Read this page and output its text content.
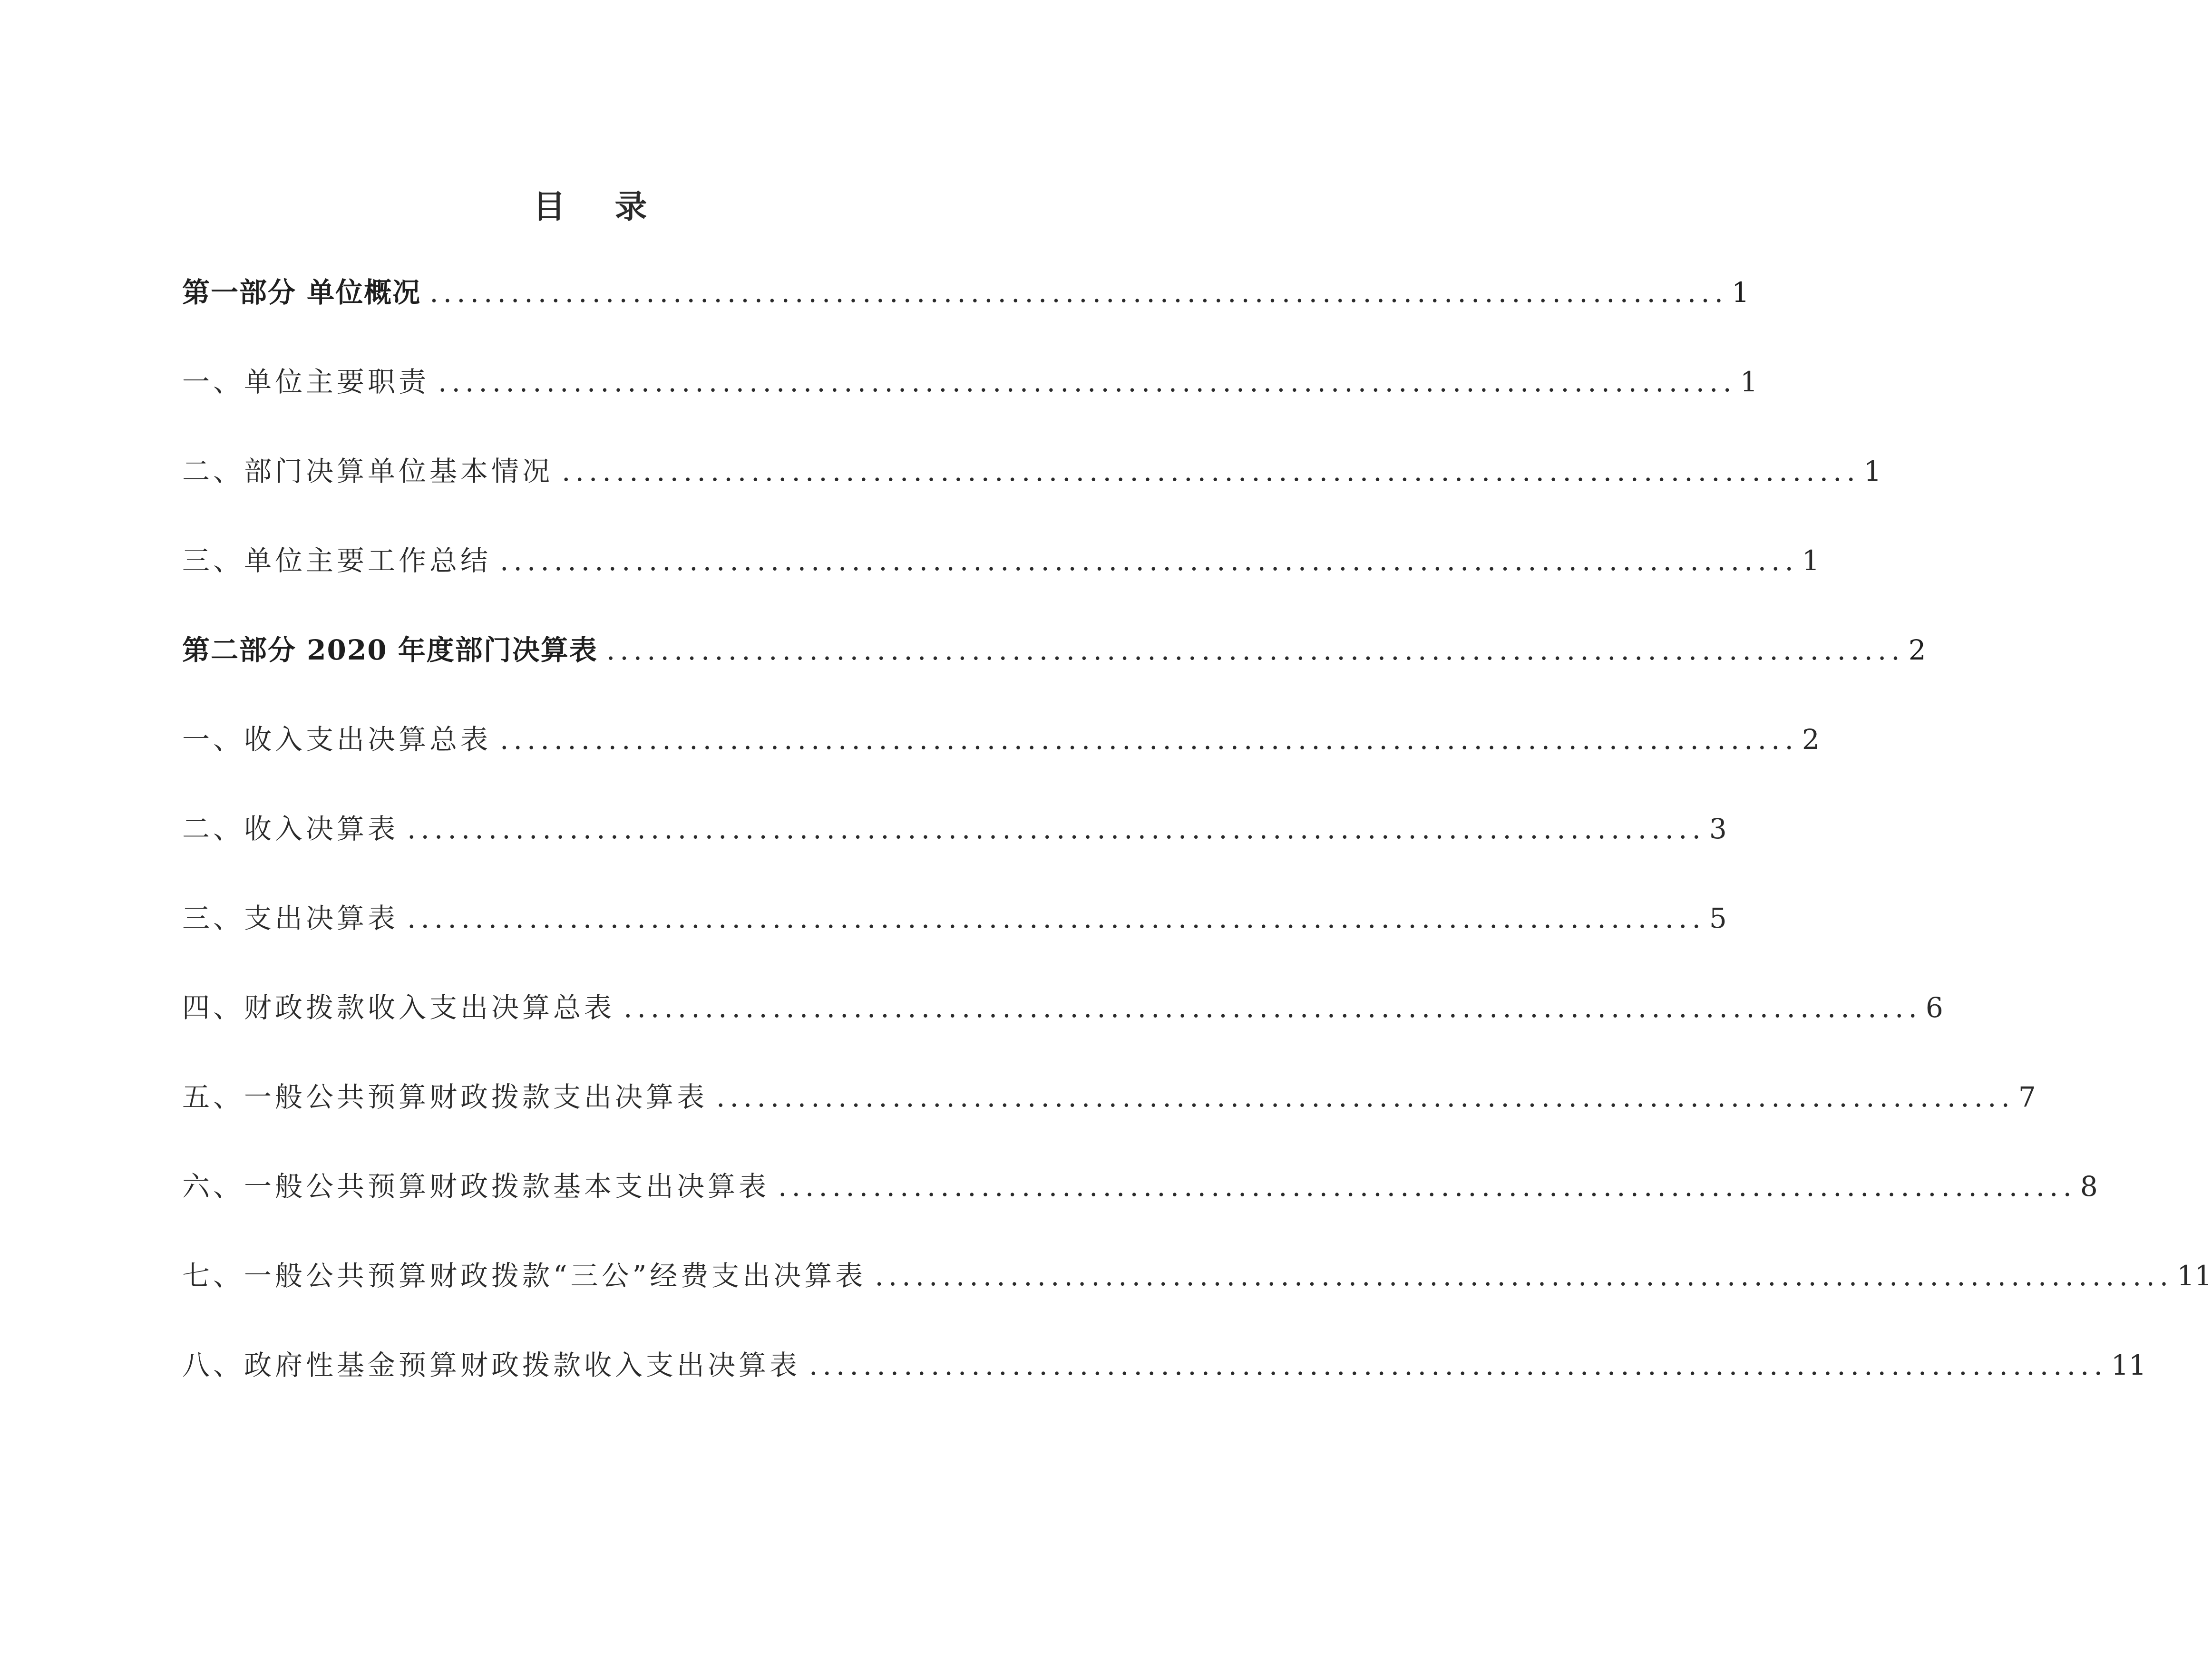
目 录
第一部分 单位概况 ................................................................................................ 1
一、单位主要职责 ................................................................................................ 1
二、部门决算单位基本情况 ................................................................................................ 1
三、单位主要工作总结 ................................................................................................ 1
第二部分 2020 年度部门决算表 ................................................................................................ 2
一、收入支出决算总表 ................................................................................................ 2
二、收入决算表 ................................................................................................ 3
三、支出决算表 ................................................................................................ 5
四、财政拨款收入支出决算总表 ................................................................................................ 6
五、一般公共预算财政拨款支出决算表 ................................................................................................ 7
六、一般公共预算财政拨款基本支出决算表 ................................................................................................ 8
七、一般公共预算财政拨款“三公”经费支出决算表 ................................................................................................ 11
八、政府性基金预算财政拨款收入支出决算表 ................................................................................................ 11
